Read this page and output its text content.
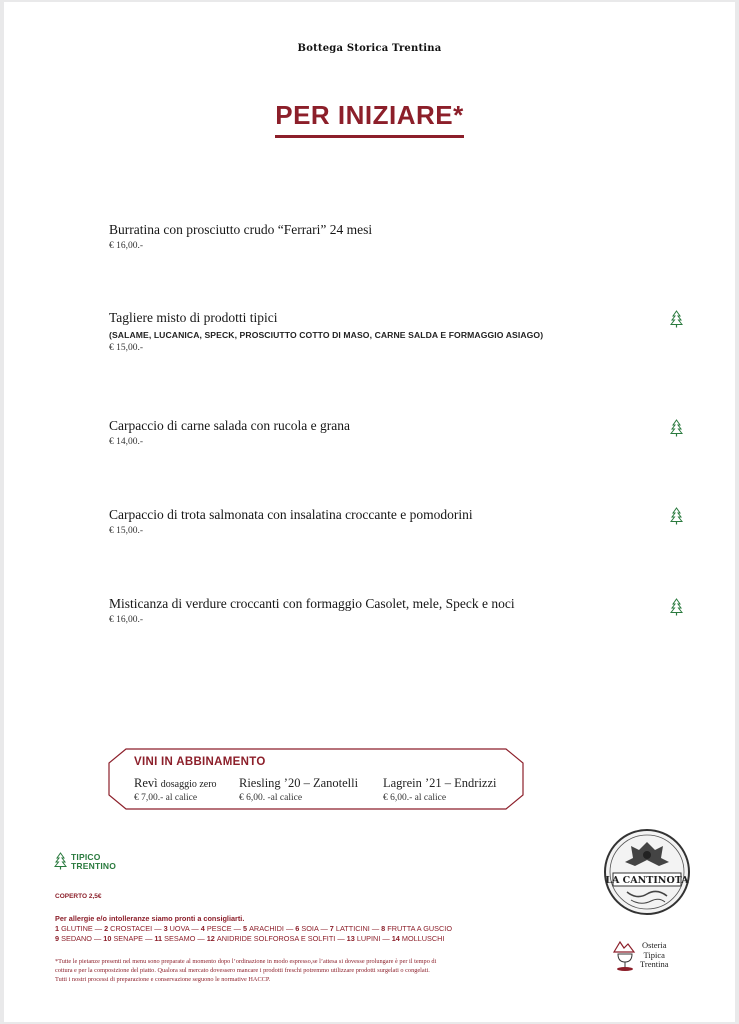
Bottega Storica Trentina
PER INIZIARE*
Burratina con prosciutto crudo “Ferrari” 24 mesi
€ 16,00.-
Tagliere misto di prodotti tipici
(SALAME, LUCANICA, SPECK, PROSCIUTTO COTTO DI MASO, CARNE SALDA E FORMAGGIO ASIAGO)
€ 15,00.-
Carpaccio di carne salada con rucola e grana
€ 14,00.-
Carpaccio di trota salmonata con insalatina croccante e pomodorini
€ 15,00.-
Misticanza di verdure croccanti con formaggio Casolet, mele, Speck e noci
€ 16,00.-
VINI IN ABBINAMENTO
Revì dosaggio zero
€ 7,00.- al calice
Riesling ’20 – Zanotelli
€ 6,00. -al calice
Lagrein ’21 – Endrizzi
€ 6,00.- al calice
TIPICO
TRENTINO
COPERTO 2,5€
Per allergie e/o intolleranze siamo pronti a consigliarti.
1 GLUTINE — 2 CROSTACEI — 3 UOVA — 4 PESCE — 5 ARACHIDI — 6 SOIA — 7 LATTICINI — 8 FRUTTA A GUSCIO
9 SEDANO — 10 SENAPE — 11 SESAMO — 12 ANIDRIDE SOLFOROSA E SOLFITI — 13 LUPINI — 14 MOLLUSCHI
*Tutte le pietanze presenti nel menu sono preparate al momento dopo l’ordinazione in modo espresso,se l’attesa si dovesse prolungare è per il tempo di
cottura e per la composizione del piatto. Qualora sul mercato dovessero mancare i prodotti freschi potremmo utilizzare prodotti surgelati o congelati.
Tutti i nostri processi di preparazione e conservazione seguono le normative HACCP.
LA CANTINOTA
Osteria
Tipica
Trentina
